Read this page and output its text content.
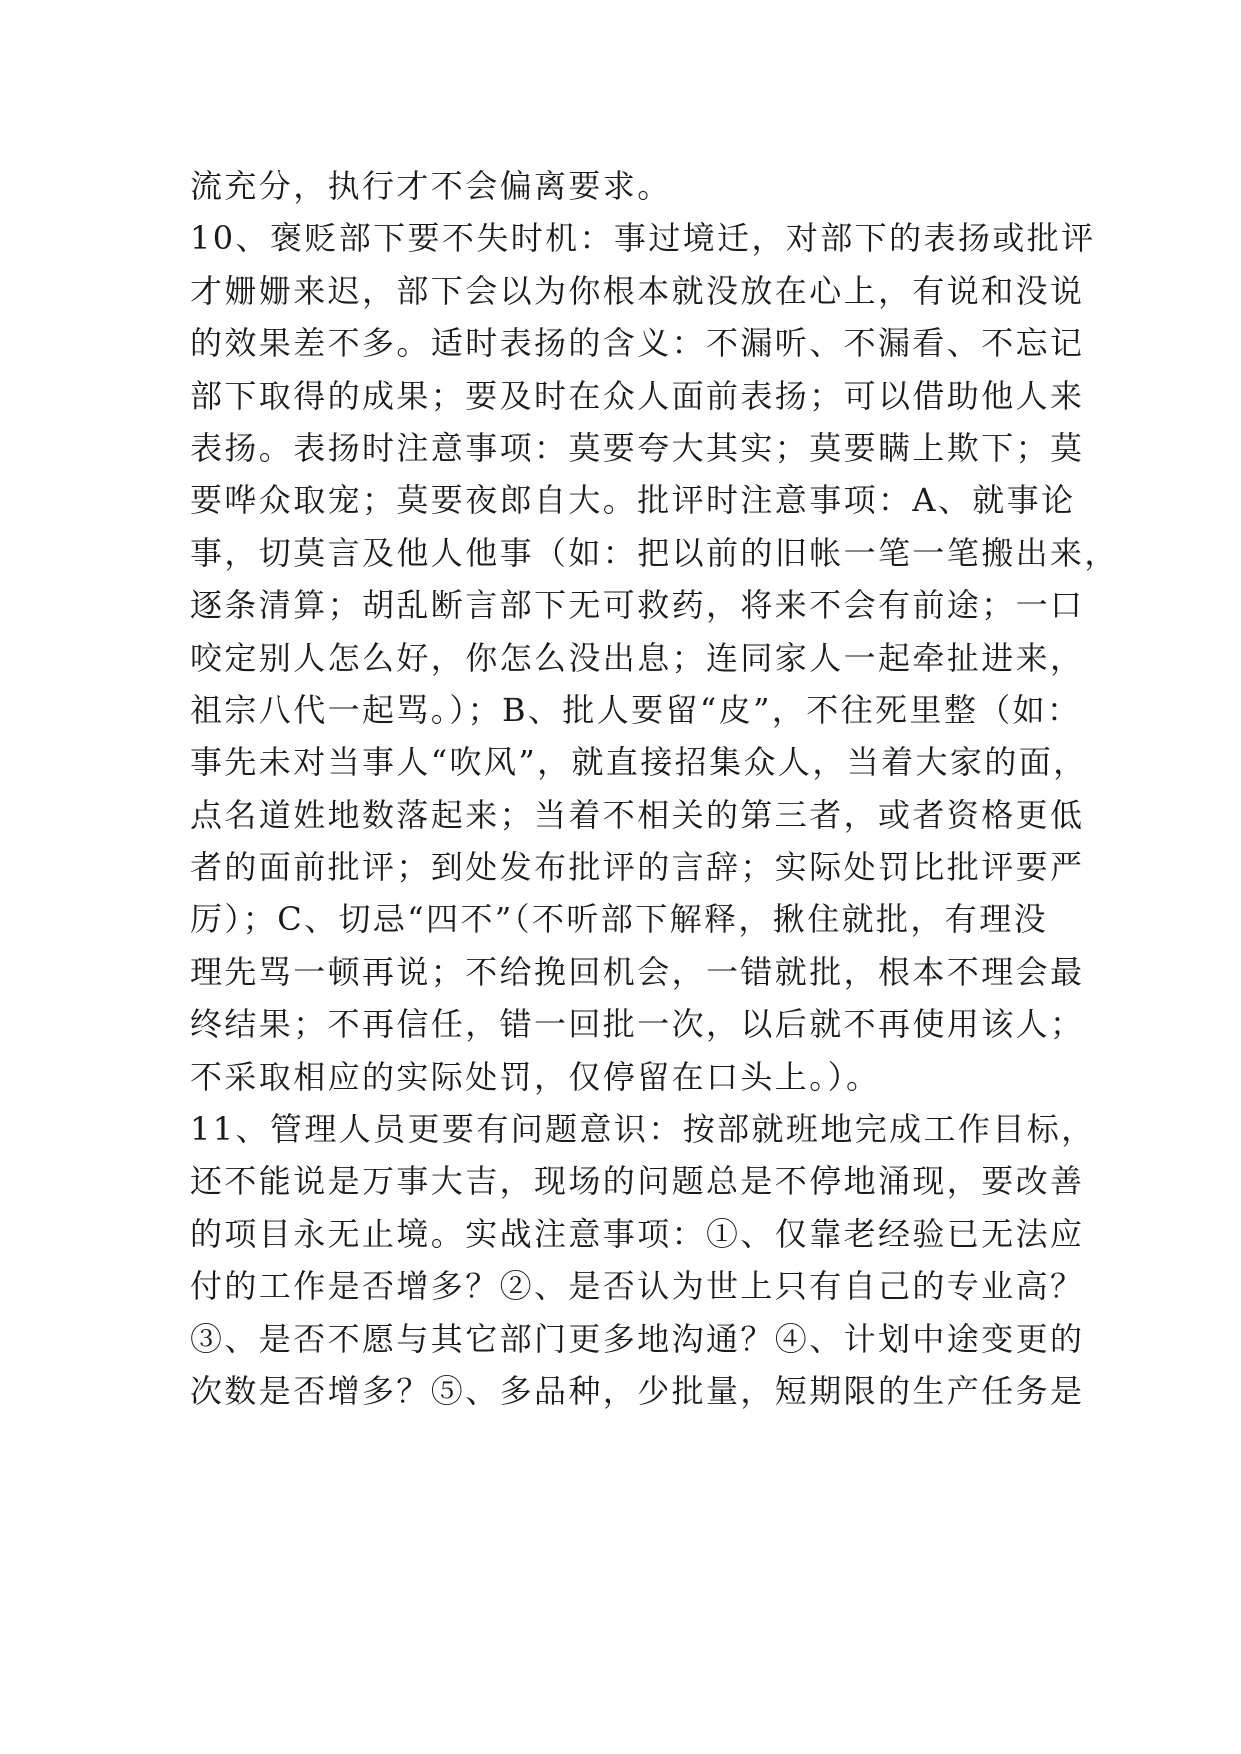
流充分，执行才不会偏离要求。
10、褒贬部下要不失时机：事过境迁，对部下的表扬或批评
才姗姗来迟，部下会以为你根本就没放在心上，有说和没说
的效果差不多。适时表扬的含义：不漏听、不漏看、不忘记
部下取得的成果；要及时在众人面前表扬；可以借助他人来
表扬。表扬时注意事项：莫要夸大其实；莫要瞒上欺下；莫
要哗众取宠；莫要夜郎自大。批评时注意事项：A、就事论
事，切莫言及他人他事（如：把以前的旧帐一笔一笔搬出来，
逐条清算；胡乱断言部下无可救药，将来不会有前途；一口
咬定别人怎么好，你怎么没出息；连同家人一起牵扯进来，
祖宗八代一起骂。）；B、批人要留“皮”，不往死里整（如：
事先未对当事人“吹风”，就直接招集众人，当着大家的面，
点名道姓地数落起来；当着不相关的第三者，或者资格更低
者的面前批评；到处发布批评的言辞；实际处罚比批评要严
厉）；C、切忌“四不”（不听部下解释，揪住就批，有理没
理先骂一顿再说；不给挽回机会，一错就批，根本不理会最
终结果；不再信任，错一回批一次，以后就不再使用该人；
不采取相应的实际处罚，仅停留在口头上。）。
11、管理人员更要有问题意识：按部就班地完成工作目标，
还不能说是万事大吉，现场的问题总是不停地涌现，要改善
的项目永无止境。实战注意事项：①、仅靠老经验已无法应
付的工作是否增多？②、是否认为世上只有自己的专业高？
③、是否不愿与其它部门更多地沟通？④、计划中途变更的
次数是否增多？⑤、多品种，少批量，短期限的生产任务是
